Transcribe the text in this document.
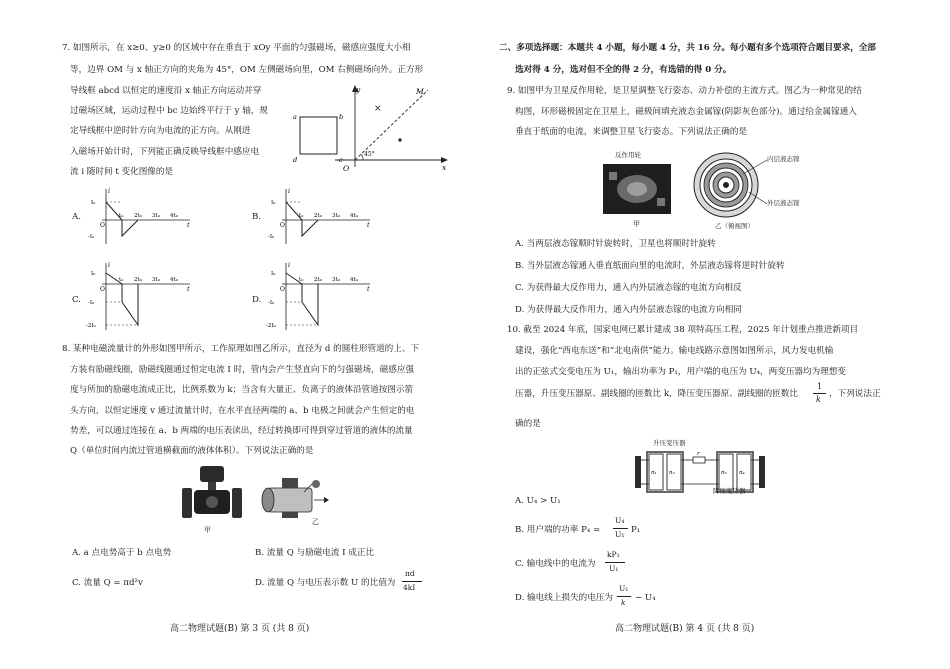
7. 如图所示，在 x≥0、y≥0 的区域中存在垂直于 xOy 平面的匀强磁场，磁感应强度大小相
等，边界 OM 与 x 轴正方向的夹角为 45°，OM 左侧磁场向里，OM 右侧磁场向外。正方形
导线框 abcd 以恒定的速度沿 x 轴正方向运动并穿
过磁场区域，运动过程中 bc 边始终平行于 y 轴，规
定导线框中逆时针方向为电流的正方向。从刚进
入磁场开始计时，下列能正确反映导线框中感应电
流 i 随时间 t 变化图像的是
×
y
x
M
O
45°
a	b
c
d
A.	B.
C.	D.
i
t
O
I₀
-I₀
t₀ 2t₀ 3t₀ 4t₀
i
t
O
I₀
-I₀
t₀ 2t₀ 3t₀ 4t₀
i
t
O
I₀
-I₀
-2I₀
t₀ 2t₀ 3t₀ 4t₀
i
t
O
I₀
-I₀
-2I₀
t₀ 2t₀ 3t₀ 4t₀
8. 某种电磁流量计的外形如图甲所示，工作原理如图乙所示，直径为 d 的圆柱形管道的上、下
方装有励磁线圈，励磁线圈通过恒定电流 I 时，管内会产生竖直向下的匀强磁场，磁感应强
度与所加的励磁电流成正比，比例系数为 k；当含有大量正、负离子的液体沿管道按图示箭
头方向，以恒定速度 v 通过流量计时，在水平直径两端的 a、b 电极之间就会产生恒定的电
势差，可以通过连接在 a、b 两端的电压表读出，经过转换即可得到穿过管道的液体的流量
Q（单位时间内流过管道横截面的液体体积）。下列说法正确的是
甲
乙
A. a 点电势高于 b 点电势	B. 流量 Q 与励磁电流 I 成正比
C. 流量 Q = πd²v	D. 流量 Q 与电压表示数 U 的比值为
πd
4kI
高二物理试题(B) 第 3 页 (共 8 页)
二、多项选择题：本题共 4 小题，每小题 4 分，共 16 分。每小题有多个选项符合题目要求，全部
选对得 4 分，选对但不全的得 2 分，有选错的得 0 分。
9. 如图甲为卫星反作用轮，是卫星调整飞行姿态、动力补偿的主流方式。图乙为一种常见的结
构图，环形磁极固定在卫星上，磁极间填充液态金属镓(阴影灰色部分)。通过给金属镓通入
垂直于纸面的电流，来调整卫星飞行姿态。下列说法正确的是
反作用轮
甲
内层液态镓
外层液态镓
乙（俯视图）
A. 当两层液态镓顺时针旋转时，卫星也将顺时针旋转
B. 当外层液态镓通入垂直纸面向里的电流时，外层液态镓将逆时针旋转
C. 为获得最大反作用力，通入内外层液态镓的电流方向相反
D. 为获得最大反作用力，通入内外层液态镓的电流方向相同
10. 截至 2024 年底，国家电网已累计建成 38 项特高压工程，2025 年计划重点推进新项目
建设，强化“西电东送”和“北电南供”能力。输电线路示意图如图所示，风力发电机输
出的正弦式交变电压为 U₁，输出功率为 P₁，用户端的电压为 U₄，两变压器均为理想变
压器，升压变压器原、副线圈的匝数比 k，降压变压器原、副线圈的匝数比
1
k
，下列说法正
确的是
n₁ n₂	n₃ n₄
r
升压变压器
降压变压器
A. U₄ > U₁
B. 用户端的功率 P₄ =
U₄
U₁ P₁
C. 输电线中的电流为
kP₁
U₁
D. 输电线上损失的电压为
U₁
k − U₄
高二物理试题(B) 第 4 页 (共 8 页)
